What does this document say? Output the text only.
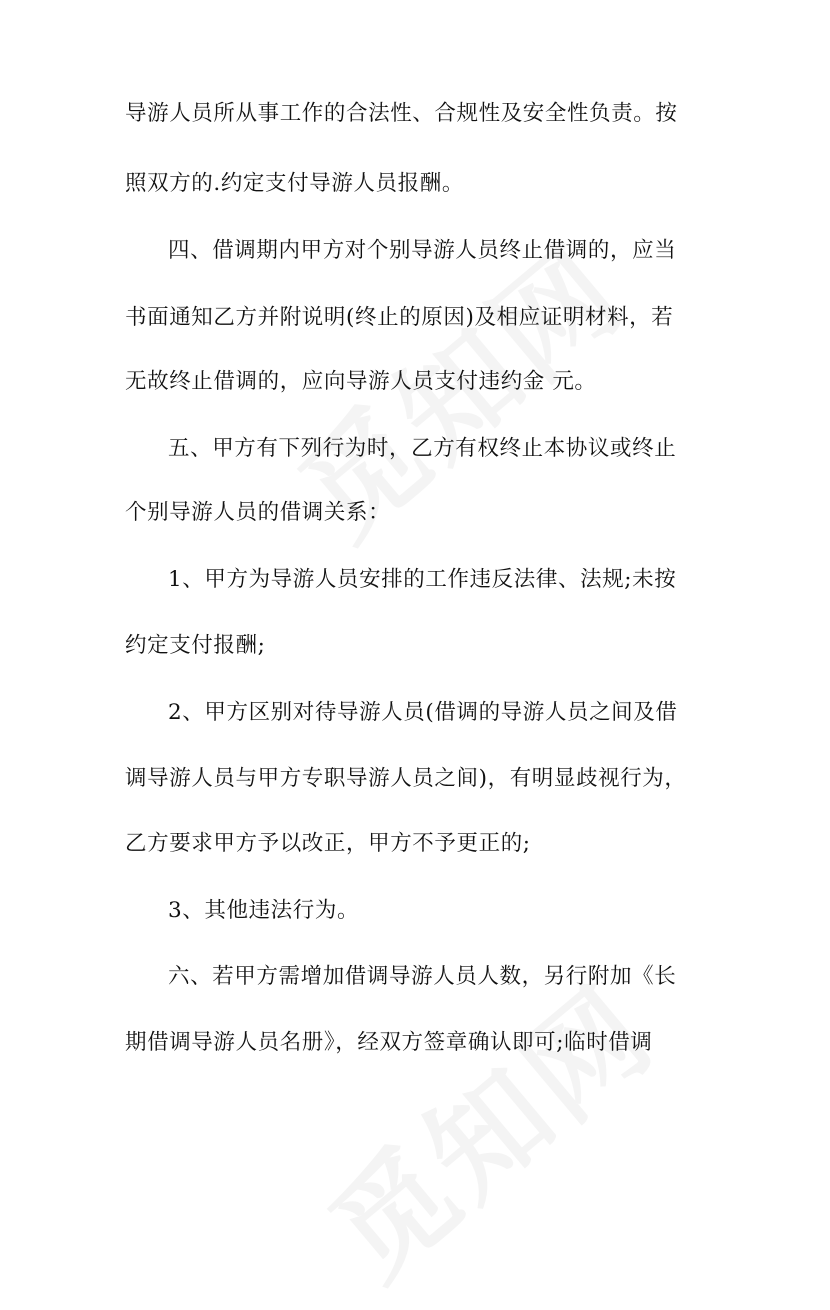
导游人员所从事工作的合法性、合规性及安全性负责。按
照双方的.约定支付导游人员报酬。
四、借调期内甲方对个别导游人员终止借调的，应当
书面通知乙方并附说明(终止的原因)及相应证明材料，若
无故终止借调的，应向导游人员支付违约金 元。
五、甲方有下列行为时，乙方有权终止本协议或终止
个别导游人员的借调关系：
1、甲方为导游人员安排的工作违反法律、法规;未按
约定支付报酬;
2、甲方区别对待导游人员(借调的导游人员之间及借
调导游人员与甲方专职导游人员之间)，有明显歧视行为，
乙方要求甲方予以改正，甲方不予更正的;
3、其他违法行为。
六、若甲方需增加借调导游人员人数，另行附加《长
期借调导游人员名册》，经双方签章确认即可;临时借调
